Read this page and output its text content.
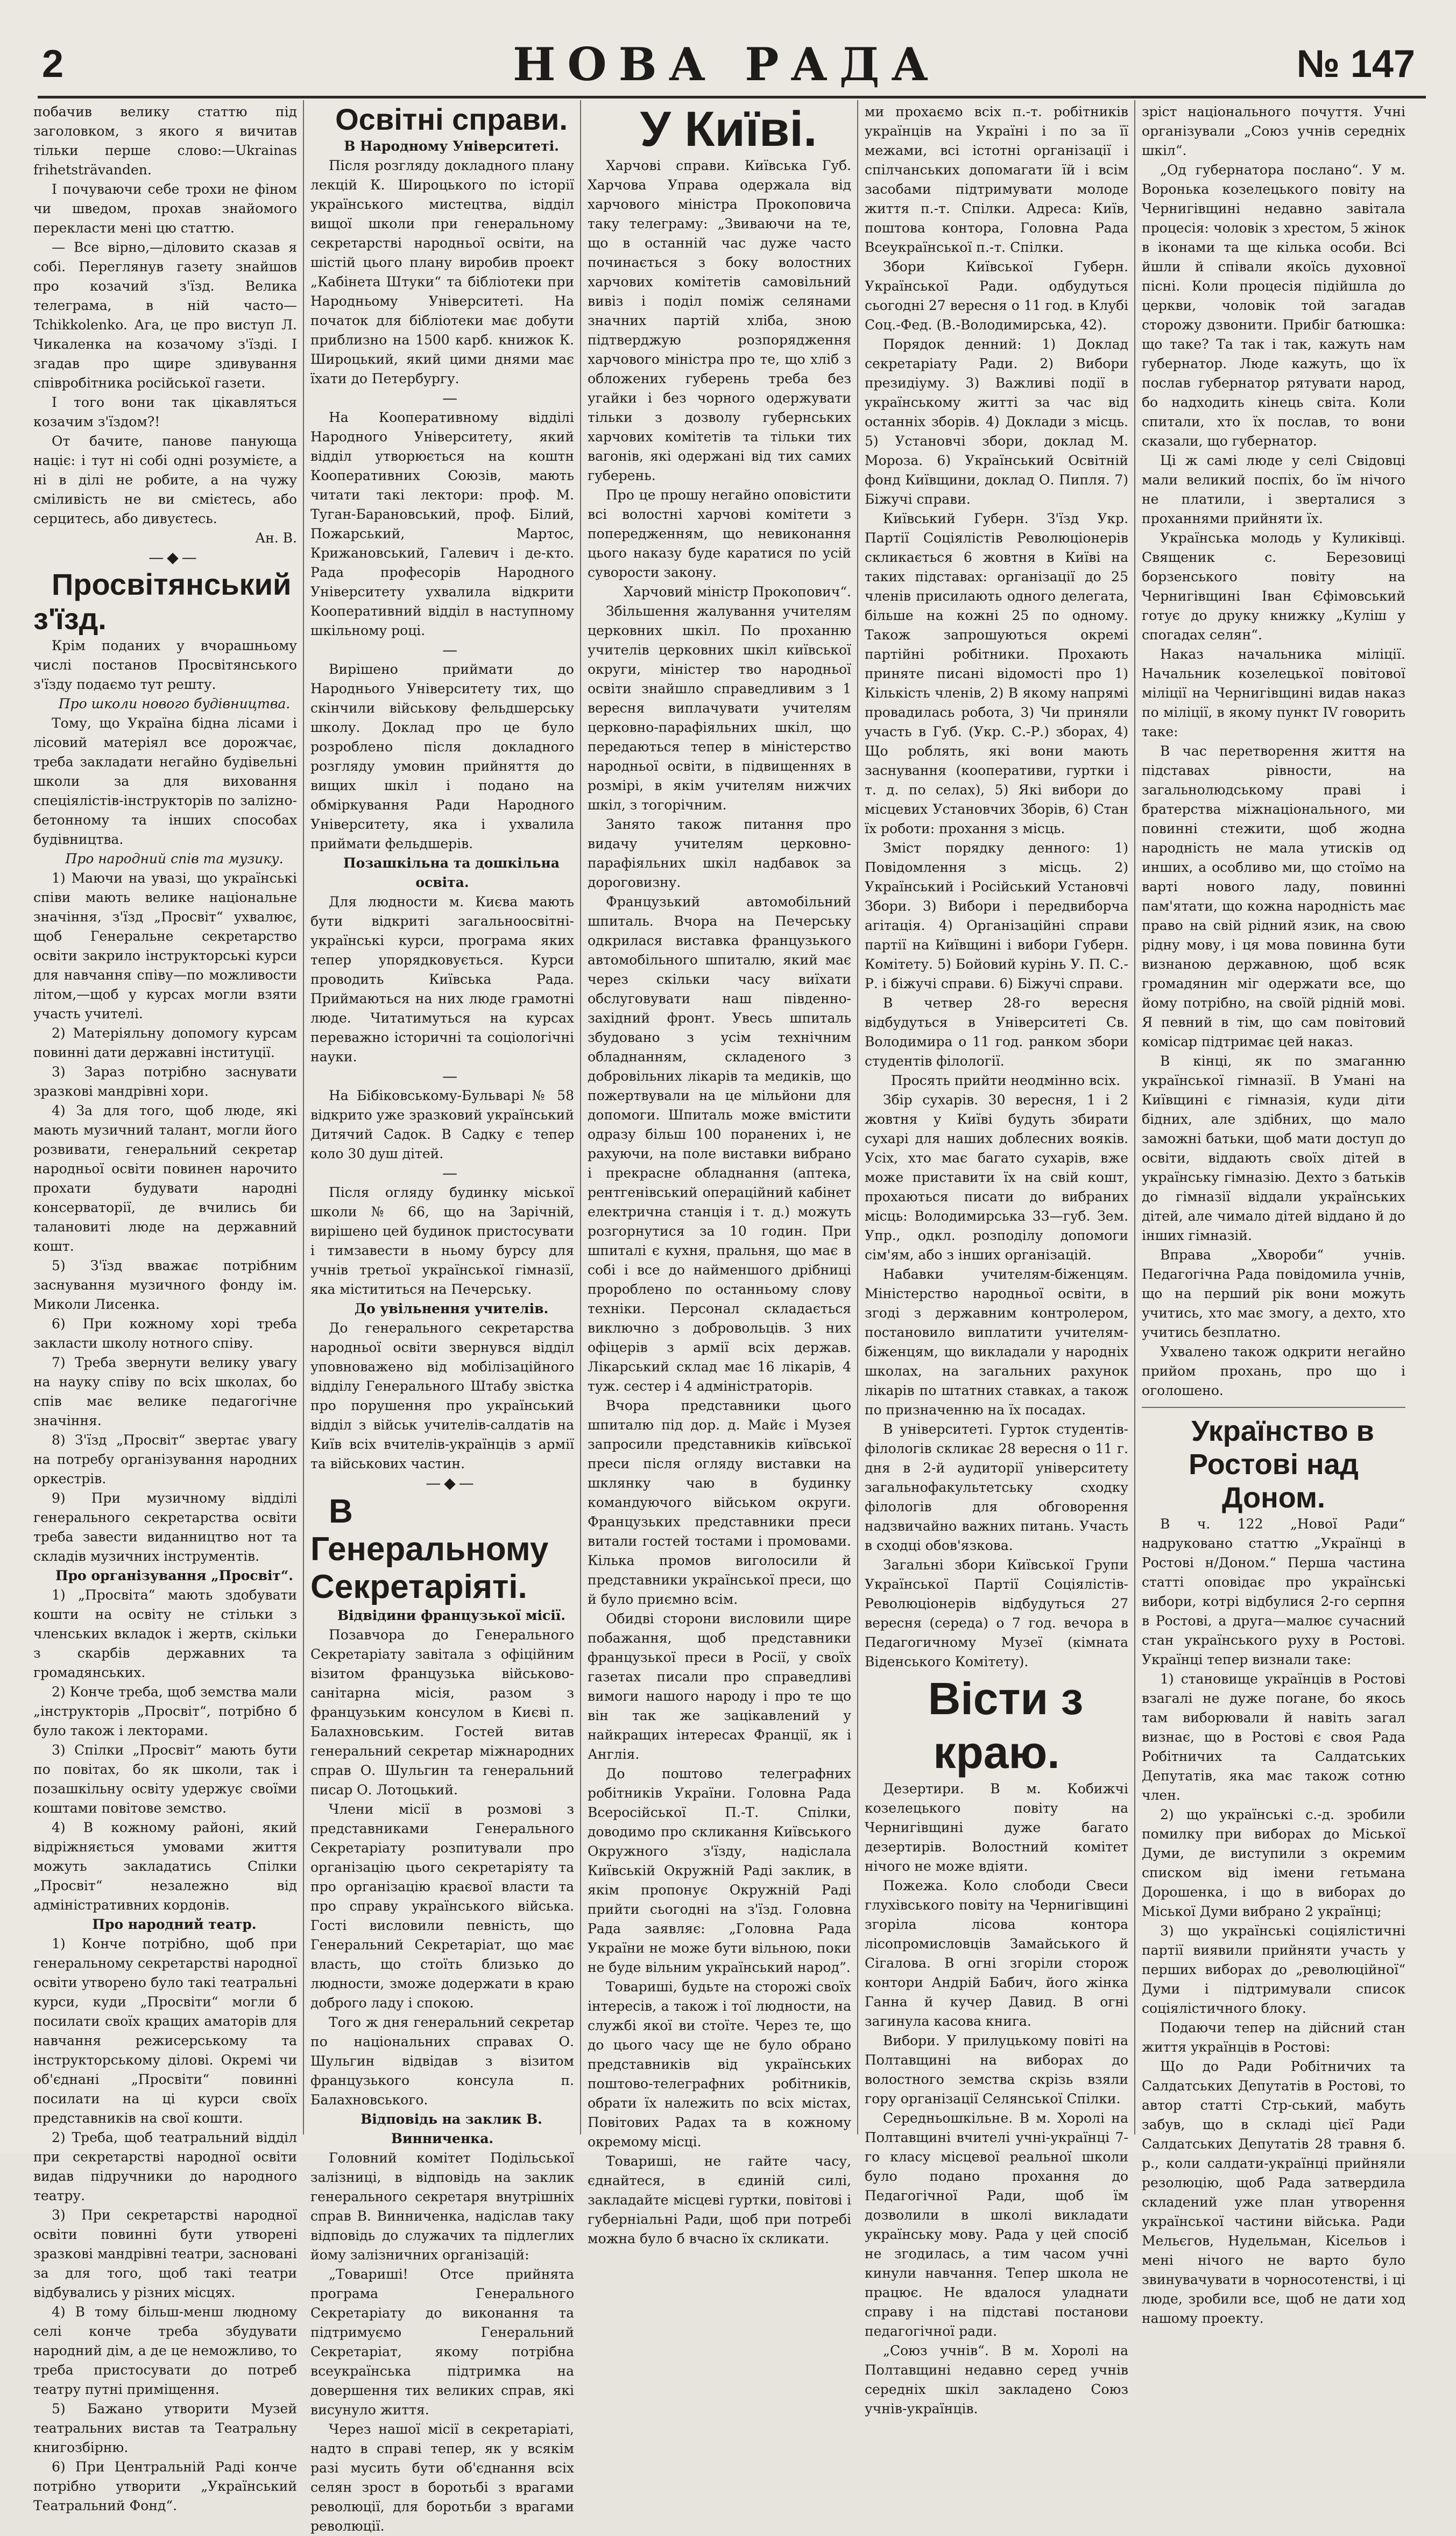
2	НОВА РАДА	№ 147

побачив велику статтю під заголовком, з якого я вичитав тільки перше слово:—Ukrainas frihetsträvanden.

І почуваючи себе трохи не фіном чи шведом, прохав знайомого перекласти мені цю статтю.

— Все вірно,—діловито сказав я собі. Переглянув газету знайшов про козачий з'їзд. Велика телеграма, в ній часто—Tchikkolenko. Ага, це про виступ Л. Чикаленка на козачому з'їзді. І згадав про щире здивування співробітника російської газети.

І того вони так цікавляться козачим з'їздом?!

От бачите, панове панующа націє: і тут ні собі одні розумієте, а ні в ділі не робите, а на чужу сміливість не ви смієтесь, або серцитесь, або дивуєтесь.

Ан. В.

—◆—

Просвітянський з'їзд.

Крім поданих у вчорашньому числі постанов Просвітянського з'їзду подаємо тут решту.

Про школи нового будівництва.

Тому, що Україна бідна лісами і лісовий матеріял все дорожчає, треба закладати негайно будівельні школи за для виховання спеціялістів-інструкторів по заліzно-бетонному та інших способах будівництва.

Про народний спів та музику.

1) Маючи на увазі, що українські співи мають велике національне значіння, з'їзд „Просвіт“ ухвалює, щоб Генеральне секретарство освіти закрило інструкторські курси для навчання співу—по можливости літом,—щоб у курсах могли взяти участь учителі.

2) Матеріяльну допомогу курсам повинні дати державні інституції.

3) Зараз потрібно заснувати зразкові мандрівні хори.

4) За для того, щоб люде, які мають музичний талант, могли його розвивати, генеральний секретар народньої освіти повинен нарочито прохати будувати народні консерваторії, де вчились би талановиті люде на державний кошт.

5) З'їзд вважає потрібним заснування музичного фонду ім. Миколи Лисенка.

6) При кожному хорі треба закласти школу нотного співу.

7) Треба звернути велику увагу на науку співу по всіх школах, бо спів має велике педагогічне значіння.

8) З'їзд „Просвіт“ звертає увагу на потребу організування народних оркестрів.

9) При музичному відділі генерального секретарства освіти треба завести виданництво нот та складів музичних інструментів.

Про організування „Просвіт“.

1) „Просвіта“ мають здобувати кошти на освіту не стільки з членських вкладок і жертв, скільки з скарбів державних та громадянських.

2) Конче треба, щоб земства мали „інструкторів „Просвіт“, потрібно б було також і лекторами.

3) Спілки „Просвіт“ мають бути по повітах, бо як школи, так і позашкільну освіту удержує своїми коштами повітове земство.

4) В кожному районі, який відріжняється умовами життя можуть закладатись Спілки „Просвіт“ незалежно від адміністративних кордонів.

Про народний театр.

1) Конче потрібно, щоб при генеральному секретарстві народної освіти утворено було такі театральні курси, куди „Просвіти“ могли б посилати своїх кращих аматорів для навчання режисерському та інструкторському ділові. Окремі чи об'єднані „Просвіти“ повинні посилати на ці курси своїх представників на свої кошти.

2) Треба, щоб театральний відділ при секретарстві народної освіти видав підручники до народного театру.

3) При секретарстві народної освіти повинні бути утворені зразкові мандрівні театри, засновані за для того, щоб такі театри відбувались у різних місцях.

4) В тому більш-менш людному селі конче треба збудувати народний дім, а де це неможливо, то треба пристосувати до потреб театру путні приміщення.

5) Бажано утворити Музей театральних вистав та Театральну книгозбірню.

6) При Центральній Раді конче потрібно утворити „Український Театральний Фонд“.

Освітні справи.

В Народному Університеті.

Після розгляду докладного плану лекцій К. Широцького по історії українського мистецтва, відділ вищої школи при генеральному секретарстві народньої освіти, на шістій цього плану виробив проект „Кабінета Штуки“ та бібліотеки при Народньому Університеті. На початок для бібліотеки має добути приблизно на 1500 карб. книжок К. Широцький, який цими днями має їхати до Петербургу.

—

На Кооперативному відділі Народного Університету, який відділ утворюється на коштн Кооперативних Союзів, мають читати такі лектори: проф. М. Туган-Барановський, проф. Білий, Пожарський, Мартос, Крижановський, Галевич і де-кто. Рада професорів Народного Університету ухвалила відкрити Кооперативний відділ в наступному шкільному році.

—

Вирішено приймати до Народнього Університету тих, що скінчили військову фельдшерську школу. Доклад про це було розроблено після докладного розгляду умовин прийняття до вищих шкіл і подано на обміркування Ради Народного Університету, яка і ухвалила приймати фельдшерів.

Позашкільна та дошкільна освіта.

Для людности м. Києва мають бути відкриті загальноосвітні-українські курси, програма яких тепер упорядковується. Курси проводить Київська Рада. Приймаються на них люде грамотні люде. Читатимуться на курсах переважно історичні та соціологічні науки.

—

На Бібіковському-Бульварі № 58 відкрито уже зразковий український Дитячий Садок. В Садку є тепер коло 30 душ дітей.

—

Після огляду будинку міської школи № 66, що на Зарічній, вирішено цей будинок пристосувати і тимзавести в ньому бурсу для учнів третьої української гімназії, яка містититься на Печерську.

До увільнення учителів.

До генерального секретарства народньої освіти звернувся відділ уповноважено від мобілізаційного відділу Генерального Штабу звістка про порушення про український відділ з військ учителів-салдатів на Київ всіх вчителів-українців з армії та військових частин.

—◆—

В Генеральному Секретаріяті.

Відвідини французької місії.

Позавчора до Генерального Секретаріату завітала з офіційним візитом французька військово-санітарна місія, разом з французьким консулом в Києві п. Балахновським. Гостей витав генеральний секретар міжнародних справ О. Шульгин та генеральний писар О. Лотоцький.

Члени місії в розмові з представниками Генерального Секретаріату розпитували про організацію цього секретаріяту та про організацію краєвої власти та про справу українського війська. Гості висловили певність, що Генеральний Секретаріат, що має власть, що стоїть близько до людности, зможе додержати в краю доброго ладу і спокою.

Того ж дня генеральний секретар по національних справах О. Шульгин відвідав з візитом французького консула п. Балахновського.

Відповідь на заклик В. Винниченка.

Головний комітет Подільської залізниці, в відповідь на заклик генерального секретаря внутрішніх справ В. Винниченка, надіслав таку відповідь до служачих та підлеглих йому залізничних організацій:

„Товариші! Отсе прийнята програма Генерального Секретаріату до виконання та підтримуємо Генеральний Секретаріат, якому потрібна всеукраїнська підтримка на довершення тих великих справ, які висунуло життя.

Через нашої місії в секретаріаті, надто в справі тепер, як у всякім разі мусить бути об'єднання всіх селян зрост в боротьбі з врагами революції, для боротьби з врагами революції.

У Київі.

Харчові справи. Київська Губ. Харчова Управа одержала від харчового міністра Прокоповича таку телеграму: „Звиваючи на те, що в останній час дуже часто починається з боку волостних харчових комітетів самовільний вивіз і поділ поміж селянами значних партій хліба, зною підтверджую розпорядження харчового міністра про те, що хліб з обложених губерень треба без угайки і без чорного одержувати тільки з дозволу губернських харчових комітетів та тільки тих вагонів, які одержані від тих самих губерень.

Про це прошу негайно оповістити всі волостні харчові комітети з попередженням, що невиконання цього наказу буде каратися по усій суворости закону.

Харчовий міністр Прокопович“.

Збільшення жалування учителям церковних шкіл. По проханню учителів церковних шкіл київської округи, міністер тво народньої освіти знайшло справедливим з 1 вересня виплачувати учителям церковно-парафіяльних шкіл, що передаються тепер в міністерство народньої освіти, в підвищеннях в розмірі, в якім учителям нижчих шкіл, з тогорічним.

Занято також питання про видачу учителям церковно-парафіяльних шкіл надбавок за дороговизну.

Французький автомобільний шпиталь. Вчора на Печерську одкрилася виставка французького автомобільного шпиталю, який має через скільки часу виїхати обслуговувати наш південно-західний фронт. Увесь шпиталь збудовано з усім технічним обладнанням, складеного з добровільних лікарів та медиків, що пожертвували на це мільйони для допомоги. Шпиталь може вмістити одразу більш 100 поранених і, не рахуючи, на поле виставки вибрано і прекрасне обладнання (аптека, рентгенівський операційний кабінет електрична станція і т. д.) можуть розгорнутися за 10 годин. При шпиталі є кухня, пральня, що має в собі і все до найменшого дрібниці пророблено по останньому слову техніки. Персонал складається виключно з добровольців. 3 них офіцерів з армії всіх держав. Лікарський склад має 16 лікарів, 4 туж. сестер і 4 адміністраторів.

Вчора представники цього шпиталю під дор. д. Майє і Музея запросили представників київської преси після огляду виставки на шклянку чаю в будинку командуючого військом округи. Французьких представники преси витали гостей тостами і промовами. Кілька промов виголосили й представники української преси, що й було приємно всім.

Обидві сторони висловили щире побажання, щоб представники французької преси в Росії, у своїх газетах писали про справедливі вимоги нашого народу і про те що він так же зацікавлений у найкращих інтересах Франції, як і Англія.

До поштово телеграфних робітників України. Головна Рада Всеросійської П.-Т. Спілки, доводимо про скликання Київського Окружного з'їзду, надіслала Київській Окружній Раді заклик, в якім пропонує Окружній Раді прийти сьогодні на з'їзд. Головна Рада заявляє: „Головна Рада України не може бути вільною, поки не буде вільним український народ”.

Товариші, будьте на сторожі своїх інтересів, а також і тої людности, на службі якої ви стоїте. Через те, що до цього часу ще не було обрано представників від українських поштово-телеграфних робітників, обрати їх належить по всіх містах, Повітових Радах та в кожному окремому місці.

Товариші, не гайте часу, єднайтеся, в єдиній силі, закладайте місцеві гуртки, повітові і губерніальні Ради, щоб при потребі можна було б вчасно їх скликати.

ми прохаємо всіх п.-т. робітників українців на Україні і по за її межами, всі істотні організації і спілчанських допомагати їй і всім засобами підтримувати молоде життя п.-т. Спілки. Адреса: Київ, поштова контора, Головна Рада Всеукраїнської п.-т. Спілки.

Збори Київської Губерн. Української Ради. одбудуться сьогодні 27 вересня о 11 год. в Клубі Соц.-Фед. (В.-Володимирська, 42).

Порядок денний: 1) Доклад секретаріату Ради. 2) Вибори президіуму. 3) Важливі події в українському житті за час від останніх зборів. 4) Доклади з місць. 5) Установчі збори, доклад М. Мороза. 6) Український Освітній фонд Київщини, доклад О. Пипля. 7) Біжучі справи.

Київський Губерн. З'їзд Укр. Партії Соціялістів Революціонерів скликається 6 жовтня в Київі на таких підставах: організації до 25 членів присилають одного делегата, більше на кожні 25 по одному. Також запрошуються окремі партійні робітники. Прохають приняте писані відомості про 1) Кількість членів, 2) В якому напрямі провадилась робота, 3) Чи приняли участь в Губ. (Укр. С.-Р.) зборах, 4) Що роблять, які вони мають заснування (кооперативи, гуртки і т. д. по селах), 5) Які вибори до місцевих Установчих Зборів, 6) Стан їх роботи: прохання з місць.

Зміст порядку денного: 1) Повідомлення з місць. 2) Український і Російський Установчі Збори. 3) Вибори і передвиборча агітація. 4) Організаційні справи партії на Київщині і вибори Губерн. Комітету. 5) Бойовий курінь У. П. С.-Р. і біжучі справи. 6) Біжучі справи.

В четвер 28-го вересня відбудуться в Університеті Св. Володимира о 11 год. ранком збори студентів філології.

Просять прийти неодмінно всіх.

Збір сухарів. 30 вересня, 1 і 2 жовтня у Київі будуть збирати сухарі для наших доблесних вояків. Усіх, хто має багато сухарів, вже може приставити їх на свій кошт, прохаються писати до вибраних місць: Володимирська 33—губ. Зем. Упр., одкл. розподілу допомоги сім'ям, або з інших організацій.

Набавки учителям-біженцям. Міністерство народньої освіти, в згоді з державним контролером, постановило виплатити учителям-біженцям, що викладали у народніх школах, на загальних рахунок лікарів по штатних ставках, а також по призначенню на їх посадах.

В університеті. Гурток студентів-філологів скликає 28 вересня о 11 г. дня в 2-й аудиторії університету загальнофакультетську сходку філологів для обговорення надзвичайно важних питань. Участь в сходці обов'язкова.

Загальні збори Київської Групи Української Партії Соціялістів-Революціонерів відбудуться 27 вересня (середа) о 7 год. вечора в Педагогичному Музеї (кімната Віденського Комітету).

Вісти з краю.

Дезертири. В м. Кобижчі козелецького повіту на Чернигівщині дуже багато дезертирів. Волостний комітет нічого не може вдіяти.

Пожежа. Коло слободи Свеси глухівського повіту на Чернигівщині згоріла лісова контора лісопромисловців Замайського й Сігалова. В огні згоріли сторож контори Андрій Бабич, його жінка Ганна й кучер Давид. В огні загинула касова книга.

Вибори. У прилуцькому повіті на Полтавщині на виборах до волостного земства скрізь взяли гору організації Селянської Спілки.

Середньошкільне. В м. Хоролі на Полтавщині вчителі учні-українці 7-го класу місцевої реальної школи було подано прохання до Педагогічної Ради, щоб їм дозволили в школі викладати українську мову. Рада у цей спосіб не згодилась, а тим часом учні кинули навчання. Тепер школа не працює. Не вдалося уладнати справу і на підставі постанови педагогічної ради.

„Союз учнів“. В м. Хоролі на Полтавщині недавно серед учнів середніх шкіл закладено Союз учнів-українців.

зріст національного почуття. Учні організували „Союз учнів середніх шкіл“.

„Од губернатора послано“. У м. Воронька козелецького повіту на Чернигівщині недавно завітала процесія: чоловік з хрестом, 5 жінок в іконами та ще кілька особи. Всі йшли й співали якоїсь духовної пісні. Коли процесія підійшла до церкви, чоловік той загадав сторожу дзвонити. Прибіг батюшка: що таке? Та так і так, кажуть нам губернатор. Люде кажуть, що їх послав губернатор рятувати народ, бо надходить кінець світа. Коли спитали, хто їх послав, то вони сказали, що губернатор.

Ці ж самі люде у селі Свідовці мали великий поспіх, бо їм нічого не платили, і зверталися з проханнями прийняти їх.

Українська молодь у Куликівці. Священик с. Березовиці борзенського повіту на Чернигівщині Іван Єфімовський готує до друку книжку „Куліш у спогадах селян“.

Наказ начальника міліції. Начальник козелецької повітової міліції на Чернигівщині видав наказ по міліції, в якому пункт IV говорить таке:

В час перетворення життя на підставах рівности, на загальнолюдському праві і братерства міжнаціонального, ми повинні стежити, щоб жодна народність не мала утисків од инших, а особливо ми, що стоїмо на варті нового ладу, повинні пам'ятати, що кожна народність має право на свій рідний язик, на свою рідну мову, і ця мова повинна бути визнаною державною, щоб всяк громадянин міг одержати все, що йому потрібно, на своїй рідній мові. Я певний в тім, що сам повітовий комісар підтримає цей наказ.

В кінці, як по змаганню української гімназії. В Умані на Київщині є гімназія, куди діти бідних, але здібних, що мало заможні батьки, щоб мати доступ до освіти, віддають своїх дітей в українську гімназію. Дехто з батьків до гімназії віддали українських дітей, але чимало дітей віддано й до інших гімназій.

Вправа „Хвороби“ учнів. Педагогічна Рада повідомила учнів, що на перший рік вони можуть учитись, хто має змогу, а дехто, хто учитись безплатно.

Ухвалено також одкрити негайно прийом прохань, про що і оголошено.

Українство в Ростові над Доном.

В ч. 122 „Нової Ради“ надруковано статтю „Українці в Ростові н/Доном.“ Перша частина статті оповідає про українські вибори, котрі відбулися 2-го серпня в Ростові, а друга—малює сучасний стан українського руху в Ростові. Українці тепер визнали таке:

1) становище українців в Ростові взагалі не дуже погане, бо якось там виборювали й навіть загал визнає, що в Ростові є своя Рада Робітничих та Салдатських Депутатів, яка має також сотню член.

2) що українські с.-д. зробили помилку при виборах до Міської Думи, де виступили з окремим списком від імени гетьмана Дорошенка, і що в виборах до Міської Думи вибрано 2 українці;

3) що українські соціялістичні партії виявили прийняти участь у перших виборах до „революційної“ Думи і підтримували список соціялістичного блоку.

Подаючи тепер на дійсний стан життя українців в Ростові:

Що до Ради Робітничих та Салдатських Депутатів в Ростові, то автор статті Стр-ський, мабуть забув, що в складі цієї Ради Салдатських Депутатів 28 травня б. р., коли салдати-українці прийняли резолюцію, щоб Рада затвердила складений уже план утворення української частини війська. Ради Мельєгов, Нудельман, Кісельов і мені нічого не варто було звинувачувати в чорносотенстві, і ці люде, зробили все, щоб не дати ход нашому проекту.
